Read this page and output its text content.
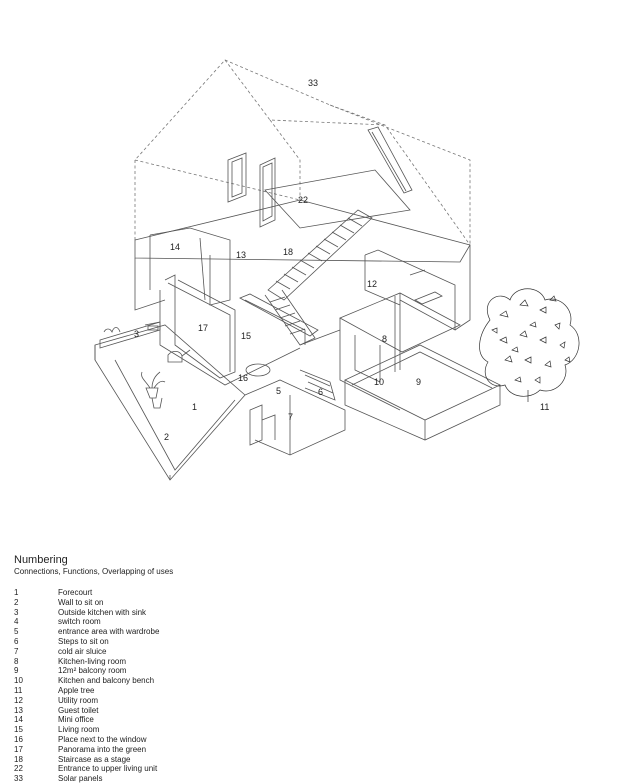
33
22
14
13	18
12
3
17
15	8
16
5	6
10	9
1
7
2
11
Numbering
Connections, Functions, Overlapping of uses
1	Forecourt
2	Wall to sit on
3	Outside kitchen with sink
4	switch room
5	entrance area with wardrobe
6	Steps to sit on
7	cold air sluice
8	Kitchen-living room
9	12m² balcony room
10	Kitchen and balcony bench
11	Apple tree
12	Utility room
13	Guest toilet
14	Mini office
15	Living room
16	Place next to the window
17	Panorama into the green
18	Staircase as a stage
22	Entrance to upper living unit
33	Solar panels
